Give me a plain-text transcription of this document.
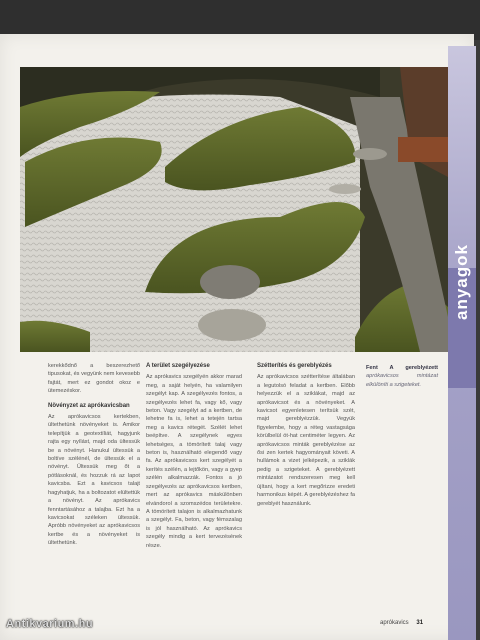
anyagok

kerekkődnő a beszerezhető tipusokat, és vegyünk nem kevesebb fajtát, mert ez gondot okoz e ütemezéskor.

Növényzet az aprókavicsban

Az aprókavicsos kertekben, ültethetünk növényeket is. Amikor telepítjük a geotextíliát, hagyjunk rajta egy nyílást, majd oda ültessük be a növényt. Hanukul ültessük a boltíve szélénél, de ültessük el a növényt. Ültessük meg őt a pótlásoknál, és hozzuk rá az lapot kavicsba. Ezt a kavicsos talajt hagyhatjuk, ha a boltozatot elültettük a növényt. Az aprókavics fenntartásához a talajba. Ezt ha a kavicsokat széleken ültessük. Apróbb növényeket az aprókavicsos kertbe és a növényeket is ültethetünk.

A terület szegélyezése

Az aprókavics szegélyén akkor marad meg, a saját helyén, ha valamilyen szegélyt kap. A szegélyezés fontos, a szegélyezés lehet fa, vagy kő, vagy beton. Vagy szegélyt ad a kertben, de lehetne fa is, lehet a tetején tartsa meg a kavics rétegét. Szélét lehet beépítve. A szegélynek egyes lehetséges, a tömörített talaj vagy beton is, használható elegendő vagy fa. Az aprókavicsos kert szegélyét a kerítés szélén, a lejtőkön, vagy a gyep szélén alkalmazzák. Fontos a jó szegélyezés az aprókavicsos kertben, mert az aprókavics máskülönben elvándorol a szomszédos területekre. A tömörített talajon is alkalmazhatunk a szegélyt. Fa, beton, vagy fémszalag is jól használható. Az aprókavics szegély mindig a kert tervezésének része.

Szétterítés és gereblyézés

Az aprókavicsos szétterítése általában a legutolsó feladat a kertben. Előbb helyezzük el a sziklákat, majd az aprókavicsot és a növényeket. A kavicsot egyenletesen terítsük szét, majd gereblyézzük. Vegyük figyelembe, hogy a réteg vastagsága körülbelül öt-hat centiméter legyen. Az aprókavicsos minták gereblyézése az ősi zen kertek hagyományait követi. A hullámok a vizet jelképezik, a sziklák pedig a szigeteket. A gereblyézett mintázatot rendszeresen meg kell újítani, hogy a kert megőrizze eredeti harmonikus képét. A gereblyézéshez fa gereblyét használunk.

Fent A gereblyézett aprókavicsos mintázat elkülöníti a szigeteket.
aprókavics 31
Antikvarium.hu
